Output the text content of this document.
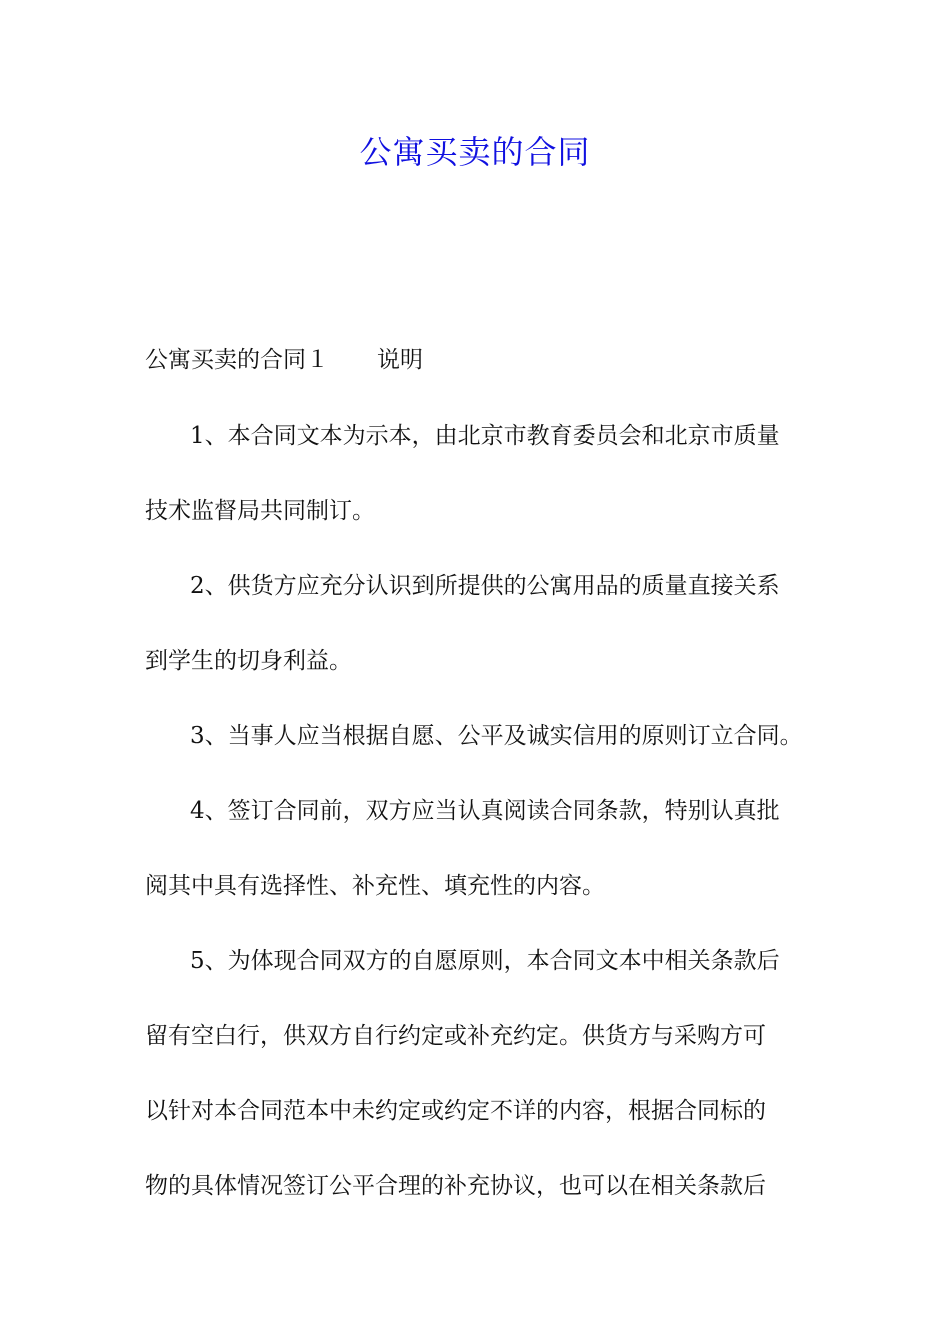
公寓买卖的合同

公寓买卖的合同１ 说明

1、本合同文本为示本，由北京市教育委员会和北京市质量

技术监督局共同制订。

2、供货方应充分认识到所提供的公寓用品的质量直接关系

到学生的切身利益。

3、当事人应当根据自愿、公平及诚实信用的原则订立合同。

4、签订合同前，双方应当认真阅读合同条款，特别认真批

阅其中具有选择性、补充性、填充性的内容。

5、为体现合同双方的自愿原则，本合同文本中相关条款后

留有空白行，供双方自行约定或补充约定。供货方与采购方可

以针对本合同范本中未约定或约定不详的内容，根据合同标的

物的具体情况签订公平合理的补充协议，也可以在相关条款后
